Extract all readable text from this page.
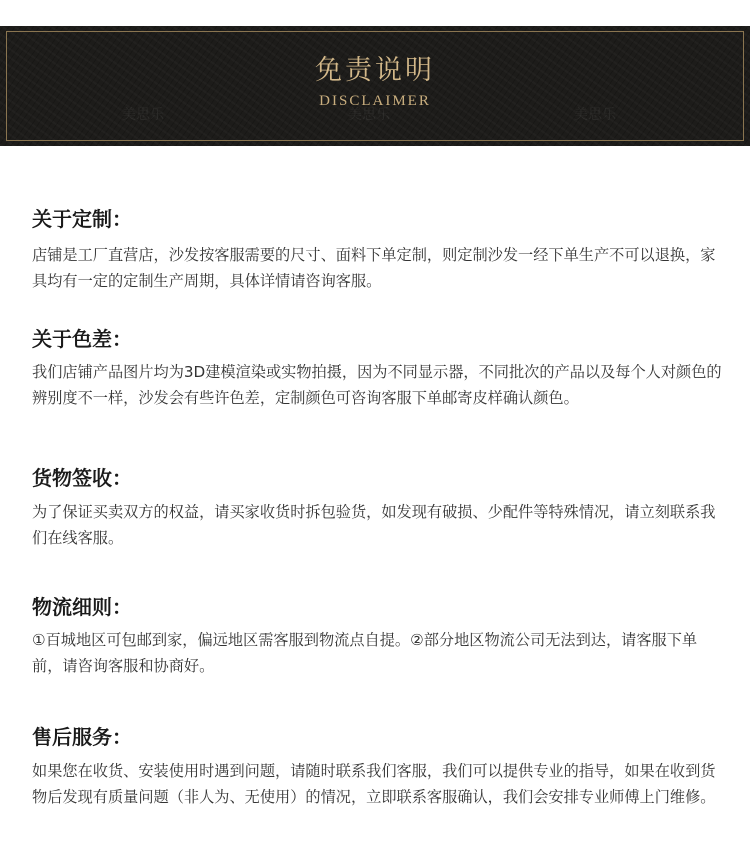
美思乐	美思乐	美思乐
免责说明
DISCLAIMER
关于定制：
店铺是工厂直营店，沙发按客服需要的尺寸、面料下单定制，则定制沙发一经下单生产不可以退换，家具均有一定的定制生产周期，具体详情请咨询客服。
关于色差：
我们店铺产品图片均为3D建模渲染或实物拍摄，因为不同显示器，不同批次的产品以及每个人对颜色的辨别度不一样，沙发会有些许色差，定制颜色可咨询客服下单邮寄皮样确认颜色。
货物签收：
为了保证买卖双方的权益，请买家收货时拆包验货，如发现有破损、少配件等特殊情况，请立刻联系我们在线客服。
物流细则：
①百城地区可包邮到家，偏远地区需客服到物流点自提。②部分地区物流公司无法到达，请客服下单前，请咨询客服和协商好。
售后服务：
如果您在收货、安装使用时遇到问题，请随时联系我们客服，我们可以提供专业的指导，如果在收到货物后发现有质量问题（非人为、无使用）的情况，立即联系客服确认，我们会安排专业师傅上门维修。
